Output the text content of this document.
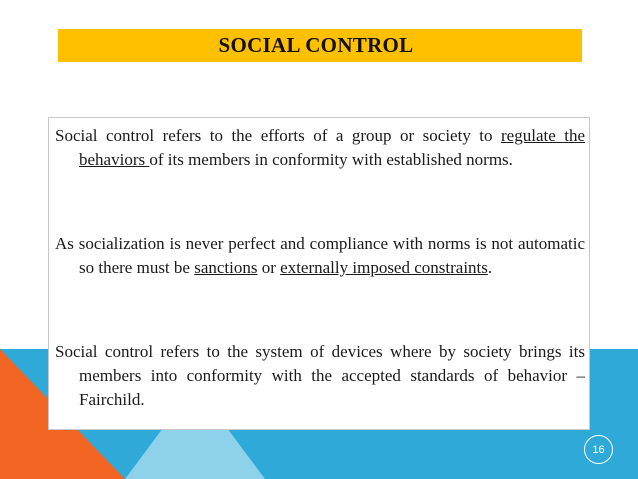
SOCIAL CONTROL

Social control refers to the efforts of a group or society to regulate the behaviors of its members in conformity with established norms.

As socialization is never perfect and compliance with norms is not automatic so there must be sanctions or externally imposed constraints.

Social control refers to the system of devices where by society brings its members into conformity with the accepted standards of behavior – Fairchild.

16
